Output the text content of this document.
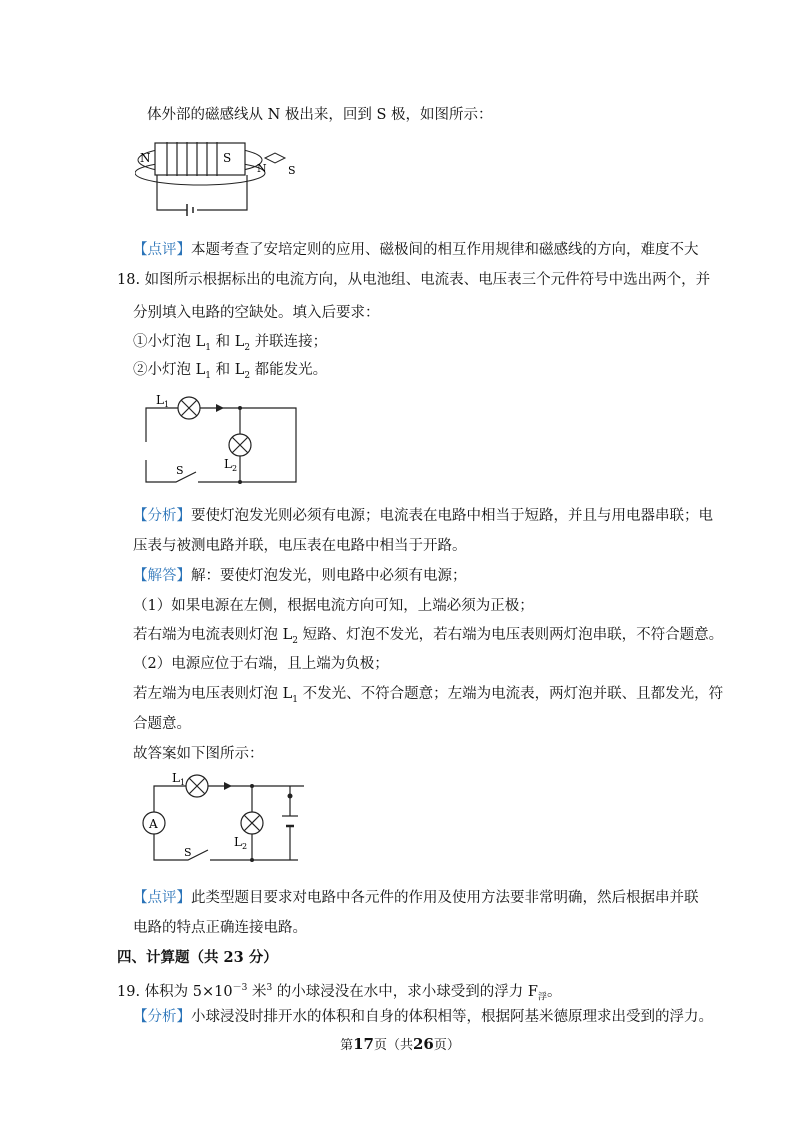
体外部的磁感线从 N 极出来，回到 S 极，如图所示：
N	S
N S
【点评】本题考查了安培定则的应用、磁极间的相互作用规律和磁感线的方向，难度不大
18. 如图所示根据标出的电流方向，从电池组、电流表、电压表三个元件符号中选出两个，并
分别填入电路的空缺处。填入后要求：
①小灯泡 $L_1$ 和 $L_2$ 并联连接；
②小灯泡 $L_1$ 和 $L_2$ 都能发光。
$L_1$
$L_2$
S
【分析】要使灯泡发光则必须有电源；电流表在电路中相当于短路，并且与用电器串联；电
压表与被测电路并联，电压表在电路中相当于开路。
【解答】解：要使灯泡发光，则电路中必须有电源；
（1）如果电源在左侧，根据电流方向可知，上端必须为正极；
若右端为电流表则灯泡 $L_2$ 短路、灯泡不发光，若右端为电压表则两灯泡串联，不符合题意。
（2）电源应位于右端，且上端为负极；
若左端为电压表则灯泡 $L_1$ 不发光、不符合题意；左端为电流表，两灯泡并联、且都发光，符
合题意。
故答案如下图所示：
A
$L_1$
$L_2$
S
【点评】此类型题目要求对电路中各元件的作用及使用方法要非常明确，然后根据串并联
电路的特点正确连接电路。
四、计算题（共 23 分）
19. 体积为 $5\times 10^{-3}$ 米$^3$ 的小球浸没在水中，求小球受到的浮力 $F_浮$。
【分析】小球浸没时排开水的体积和自身的体积相等，根据阿基米德原理求出受到的浮力。
第17页（共26页）
